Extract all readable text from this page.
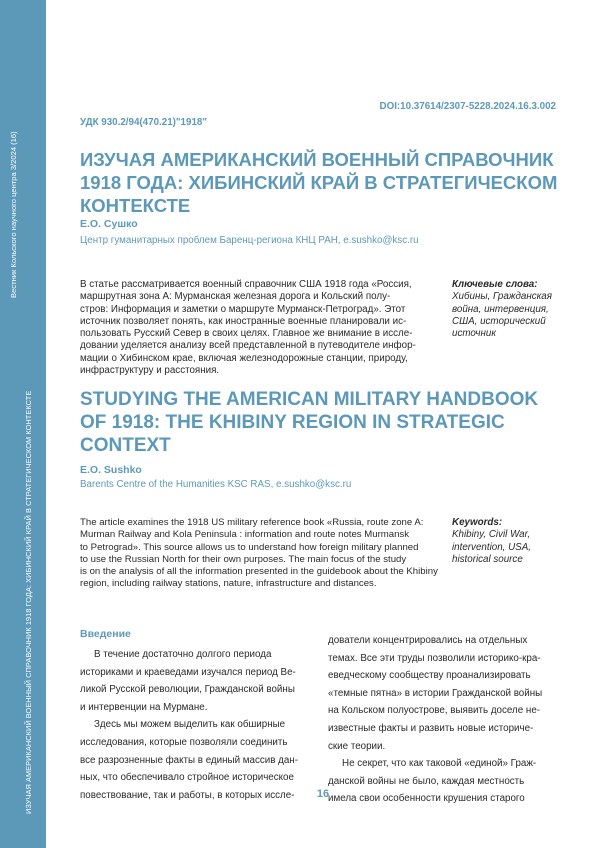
Вестник Кольского научного центра 3/2024 (16)
ИЗУЧАЯ АМЕРИКАНСКИЙ ВОЕННЫЙ СПРАВОЧНИК 1918 ГОДА: ХИБИНСКИЙ КРАЙ В СТРАТЕГИЧЕСКОМ КОНТЕКСТЕ
DOI:10.37614/2307-5228.2024.16.3.002
УДК 930.2/94(470.21)"1918"
ИЗУЧАЯ АМЕРИКАНСКИЙ ВОЕННЫЙ СПРАВОЧНИК
1918 ГОДА: ХИБИНСКИЙ КРАЙ В СТРАТЕГИЧЕСКОМ
КОНТЕКСТЕ
Е.О. Сушко
Центр гуманитарных проблем Баренц-региона КНЦ РАН, e.sushko@ksc.ru
В статье рассматривается военный справочник США 1918 года «Россия,
маршрутная зона А: Мурманская железная дорога и Кольский полу-
стров: Информация и заметки о маршруте Мурманск-Петроград». Этот
источник позволяет понять, как иностранные военные планировали ис-
пользовать Русский Север в своих целях. Главное же внимание в иссле-
довании уделяется анализу всей представленной в путеводителе инфор-
мации о Хибинском крае, включая железнодорожные станции, природу,
инфраструктуру и расстояния.
Ключевые слова:
Хибины, Гражданская
война, интервенция,
США, исторический
источник
STUDYING THE AMERICAN MILITARY HANDBOOK
OF 1918: THE KHIBINY REGION IN STRATEGIC CONTEXT
E.O. Sushko
Barents Centre of the Humanities KSC RAS, e.sushko@ksc.ru
The article examines the 1918 US military reference book «Russia, route zone A:
Murman Railway and Kola Peninsula : information and route notes Murmansk
to Petrograd». This source allows us to understand how foreign military planned
to use the Russian North for their own purposes. The main focus of the study
is on the analysis of all the information presented in the guidebook about the Khibiny
region, including railway stations, nature, infrastructure and distances.
Keywords:
Khibiny, Civil War,
intervention, USA,
historical source
Введение

В течение достаточно долгого периода

историками и краеведами изучался период Ве-

ликой Русской революции, Гражданской войны

и интервенции на Мурмане.

Здесь мы можем выделить как обширные

исследования, которые позволяли соединить

все разрозненные факты в единый массив дан-

ных, что обеспечивало стройное историческое

повествование, так и работы, в которых иссле-

дователи концентрировались на отдельных

темах. Все эти труды позволили историко-кра-

еведческому сообществу проанализировать

«темные пятна» в истории Гражданской войны

на Кольском полуострове, выявить доселе не-

известные факты и развить новые историче-

ские теории.

Не секрет, что как таковой «единой» Граж-

данской войны не было, каждая местность

имела свои особенности крушения старого

16
